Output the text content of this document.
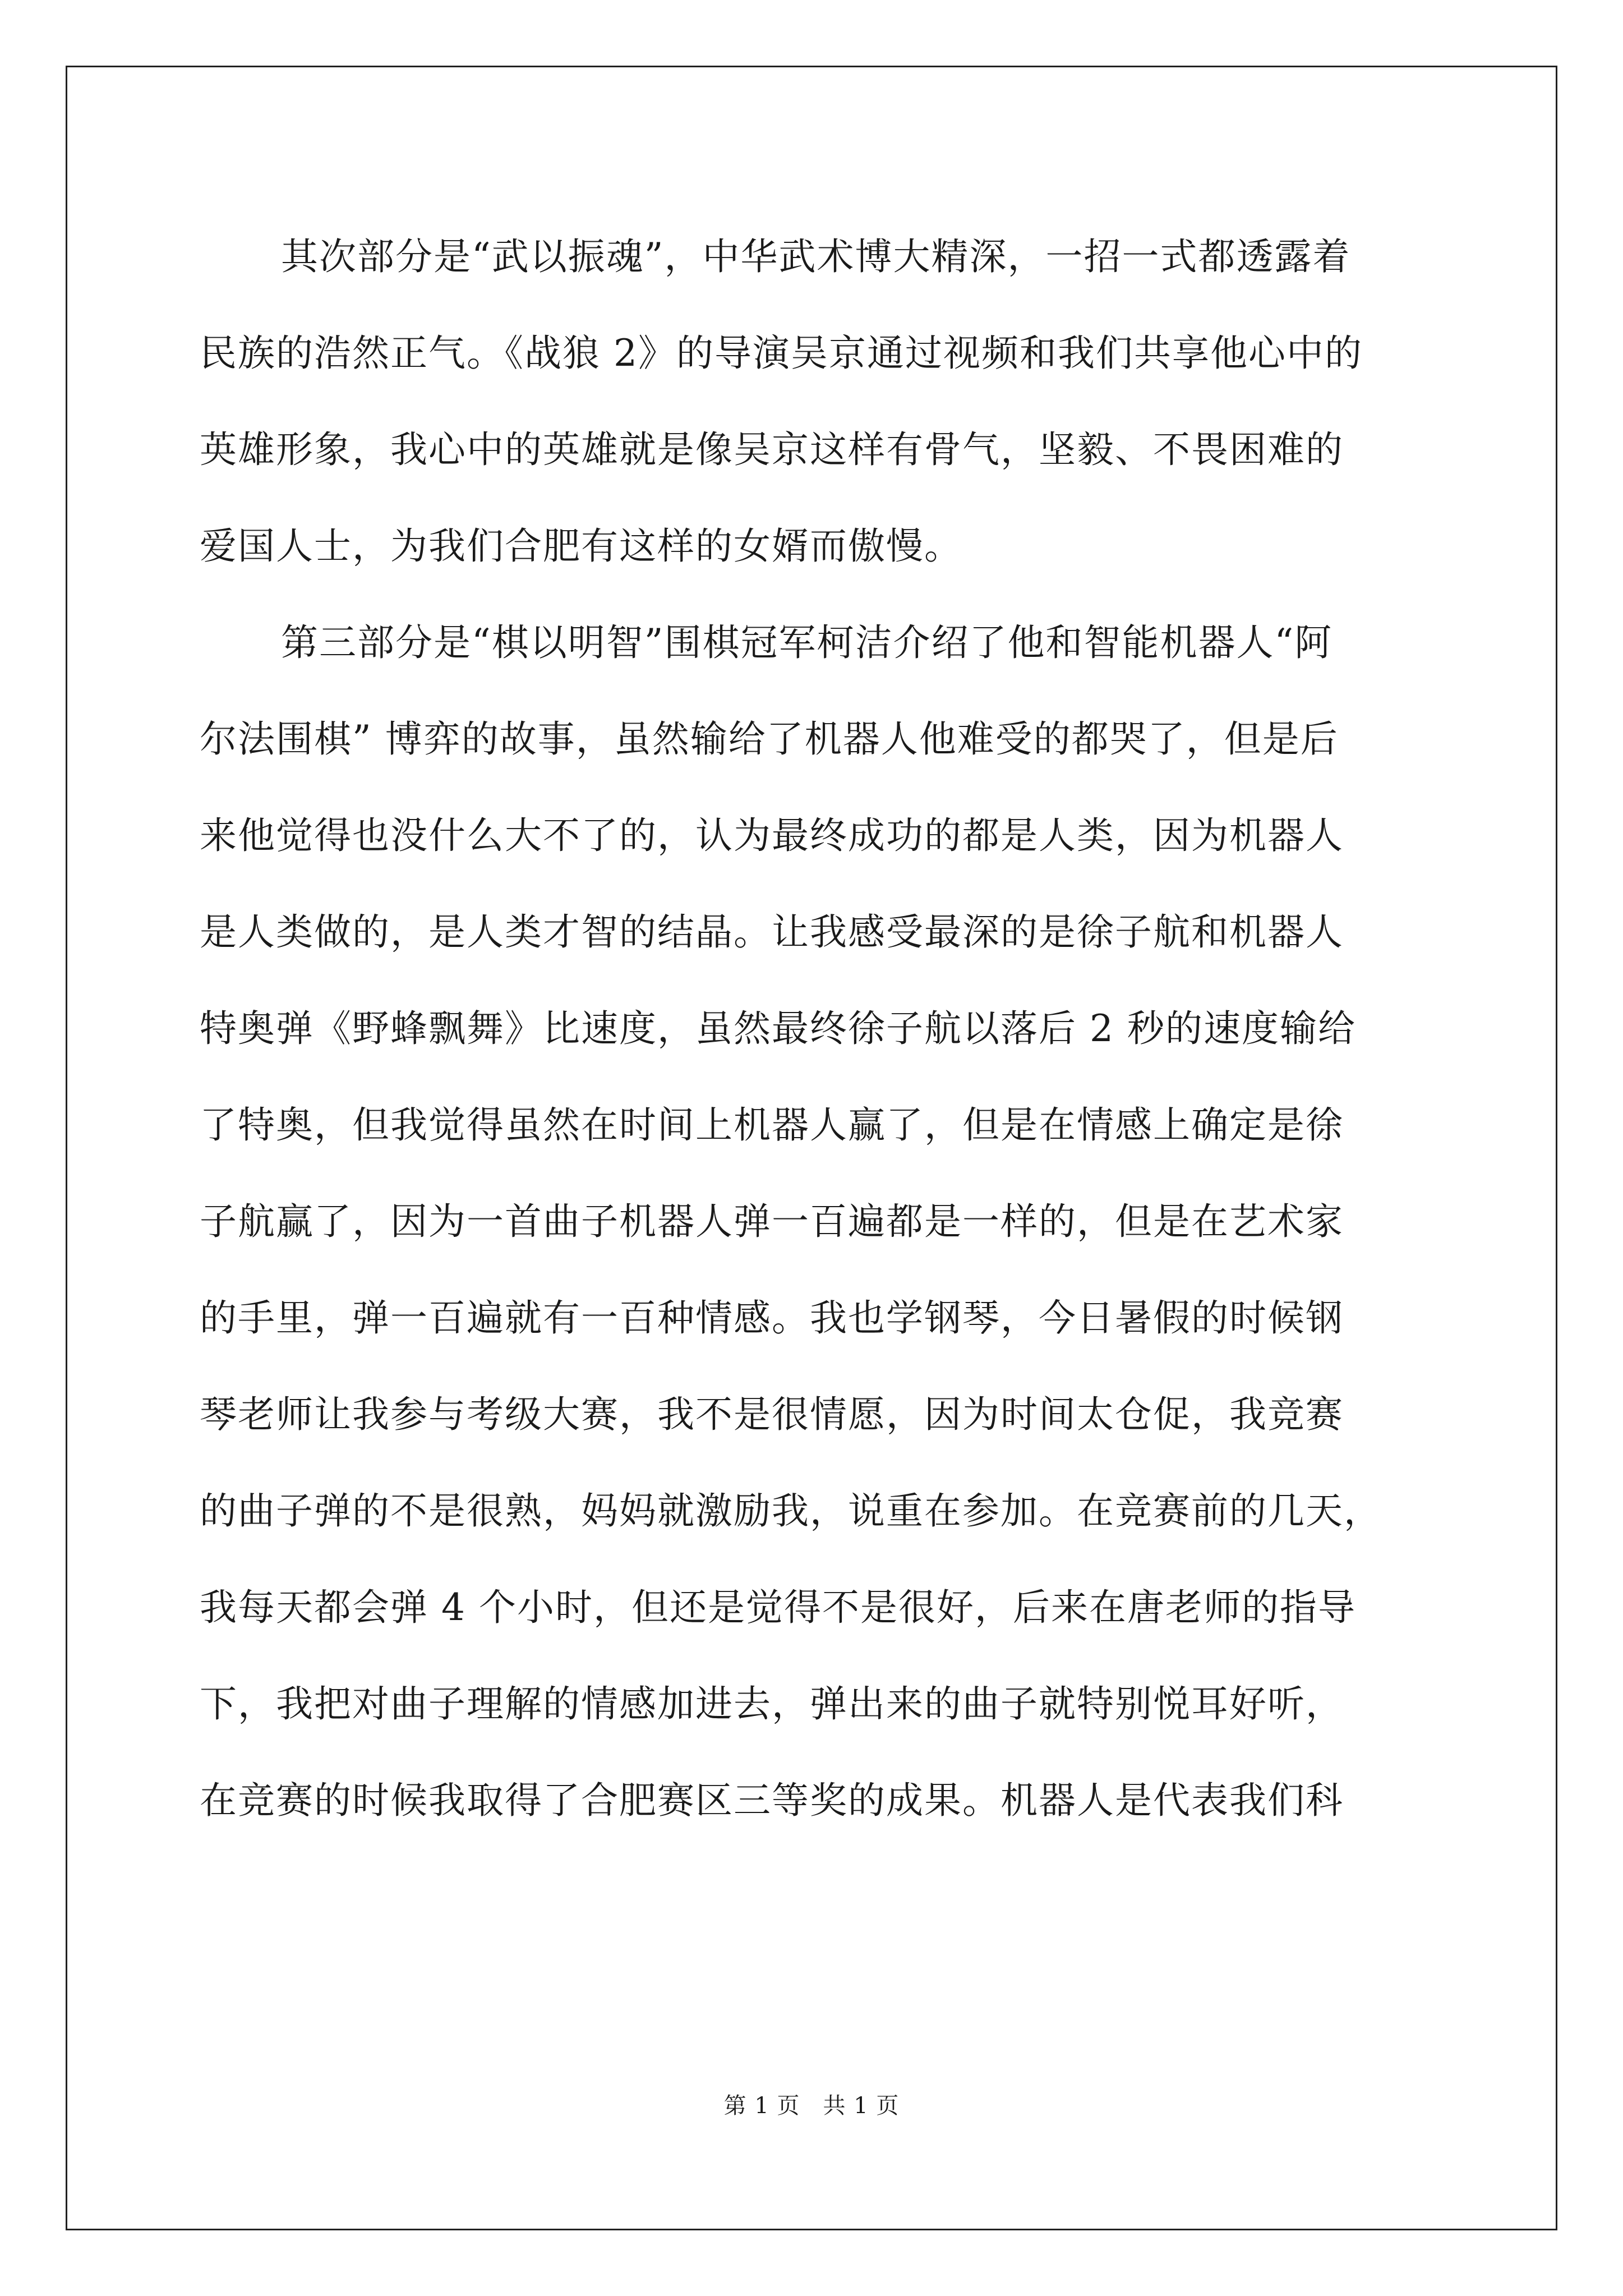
其次部分是“武以振魂”，中华武术博大精深，一招一式都透露着
民族的浩然正气。《战狼 2》的导演吴京通过视频和我们共享他心中的
英雄形象，我心中的英雄就是像吴京这样有骨气，坚毅、不畏困难的
爱国人士，为我们合肥有这样的女婿而傲慢。
第三部分是“棋以明智”围棋冠军柯洁介绍了他和智能机器人“阿
尔法围棋” 博弈的故事，虽然输给了机器人他难受的都哭了，但是后
来他觉得也没什么大不了的，认为最终成功的都是人类，因为机器人
是人类做的，是人类才智的结晶。让我感受最深的是徐子航和机器人
特奥弹《野蜂飘舞》比速度，虽然最终徐子航以落后 2 秒的速度输给
了特奥，但我觉得虽然在时间上机器人赢了，但是在情感上确定是徐
子航赢了，因为一首曲子机器人弹一百遍都是一样的，但是在艺术家
的手里，弹一百遍就有一百种情感。我也学钢琴，今日暑假的时候钢
琴老师让我参与考级大赛，我不是很情愿，因为时间太仓促，我竞赛
的曲子弹的不是很熟，妈妈就激励我，说重在参加。在竞赛前的几天，
我每天都会弹 4 个小时，但还是觉得不是很好，后来在唐老师的指导
下，我把对曲子理解的情感加进去，弹出来的曲子就特别悦耳好听，
在竞赛的时候我取得了合肥赛区三等奖的成果。机器人是代表我们科
第 1 页　共 1 页
